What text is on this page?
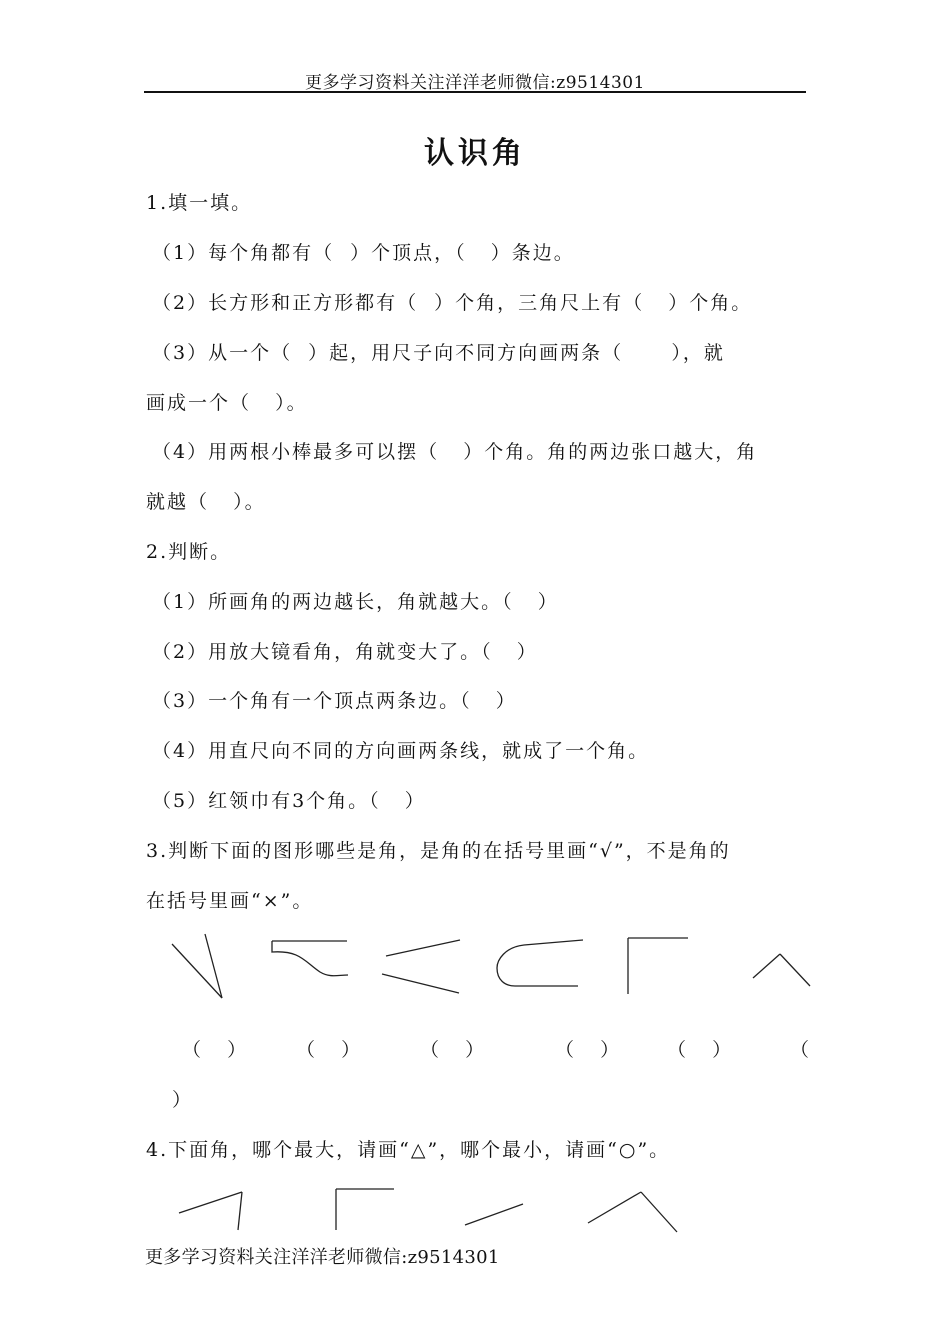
更多学习资料关注洋洋老师微信:z9514301
认识角
1.填一填。
（1）每个角都有（  ）个顶点，（   ）条边。
（2）长方形和正方形都有（  ）个角，三角尺上有（   ）个角。
（3）从一个（  ）起，用尺子向不同方向画两条（      ），就
画成一个（   ）。
（4）用两根小棒最多可以摆（   ）个角。角的两边张口越大，角
就越（   ）。
2.判断。
（1）所画角的两边越长，角就越大。（   ）
（2）用放大镜看角，角就变大了。（   ）
（3）一个角有一个顶点两条边。（   ）
（4）用直尺向不同的方向画两条线，就成了一个角。
（5）红领巾有3个角。（   ）
3.判断下面的图形哪些是角，是角的在括号里画“√”，不是角的
在括号里画“×”。
（   ）	（   ）	（   ）	（   ） （   ）	（
）
4.下面角，哪个最大，请画“△”，哪个最小，请画“○”。
更多学习资料关注洋洋老师微信:z9514301
